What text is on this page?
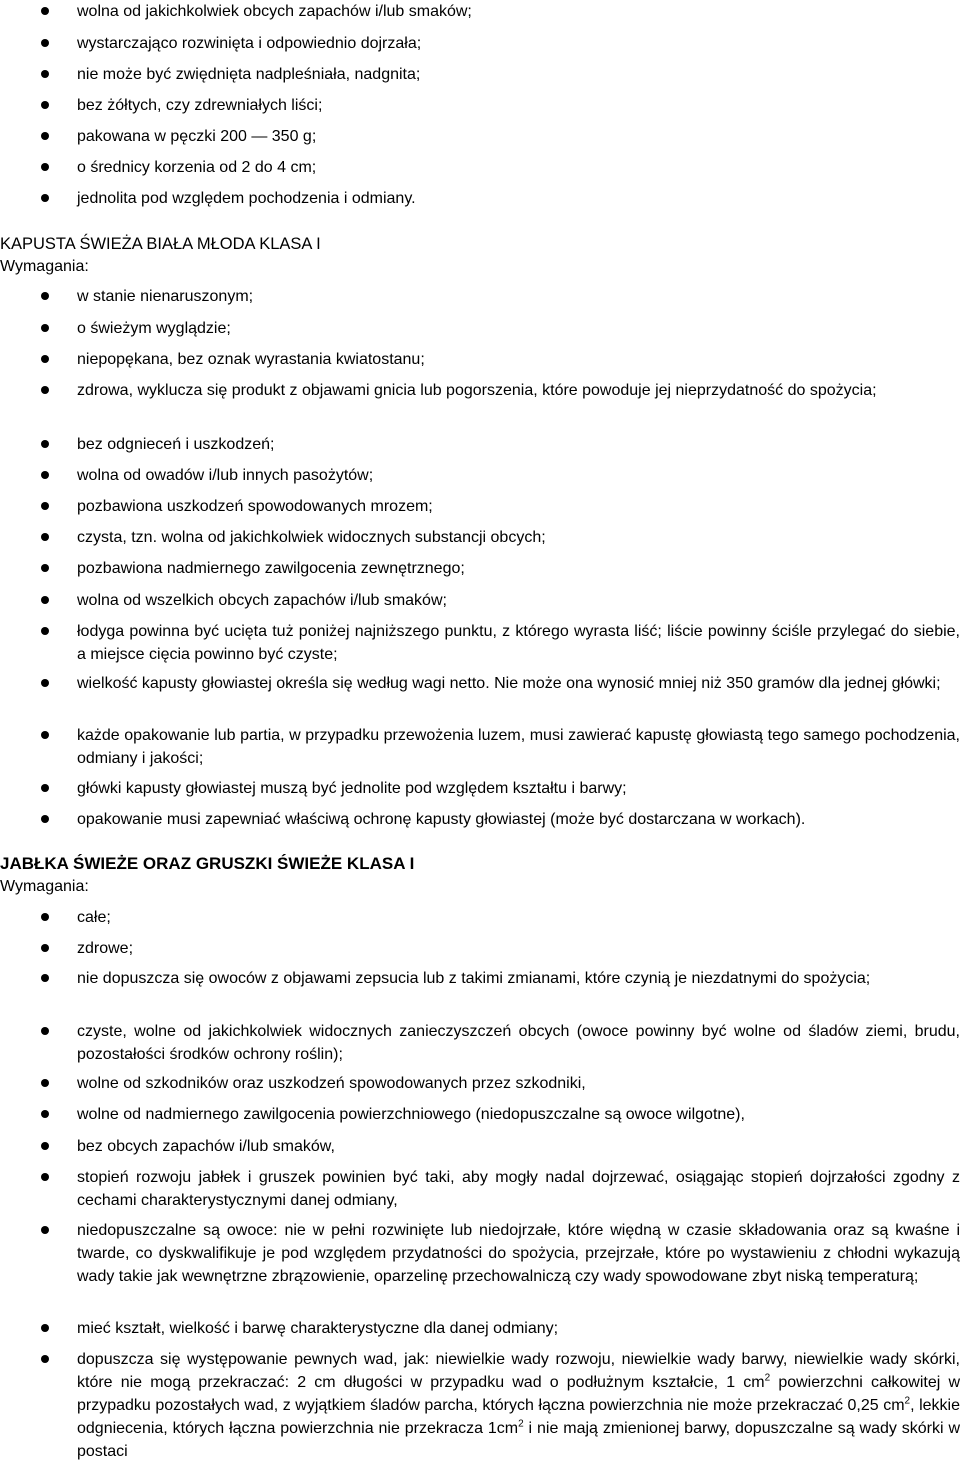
wolna od jakichkolwiek obcych zapachów i/lub smaków;
wystarczająco rozwinięta i odpowiednio dojrzała;
nie może być zwiędnięta nadpleśniała, nadgnita;
bez żółtych, czy zdrewniałych liści;
pakowana w pęczki 200 — 350 g;
o średnicy korzenia od 2 do 4 cm;
jednolita pod względem pochodzenia i odmiany.
KAPUSTA ŚWIEŻA BIAŁA MŁODA KLASA I
Wymagania:
w stanie nienaruszonym;
o świeżym wyglądzie;
niepopękana, bez oznak wyrastania kwiatostanu;
zdrowa, wyklucza się produkt z objawami gnicia lub pogorszenia, które powoduje jej nieprzydatność do spożycia;
bez odgnieceń i uszkodzeń;
wolna od owadów i/lub innych pasożytów;
pozbawiona uszkodzeń spowodowanych mrozem;
czysta, tzn. wolna od jakichkolwiek widocznych substancji obcych;
pozbawiona nadmiernego zawilgocenia zewnętrznego;
wolna od wszelkich obcych zapachów i/lub smaków;
łodyga powinna być ucięta tuż poniżej najniższego punktu, z którego wyrasta liść; liście powinny ściśle przylegać do siebie, a miejsce cięcia powinno być czyste;
wielkość kapusty głowiastej określa się według wagi netto. Nie może ona wynosić mniej niż 350 gramów dla jednej główki;
każde opakowanie lub partia, w przypadku przewożenia luzem, musi zawierać kapustę głowiastą tego samego pochodzenia, odmiany i jakości;
główki kapusty głowiastej muszą być jednolite pod względem kształtu i barwy;
opakowanie musi zapewniać właściwą ochronę kapusty głowiastej (może być dostarczana w workach).
JABŁKA ŚWIEŻE ORAZ GRUSZKI ŚWIEŻE KLASA I
Wymagania:
całe;
zdrowe;
nie dopuszcza się owoców z objawami zepsucia lub z takimi zmianami, które czynią je niezdatnymi do spożycia;
czyste, wolne od jakichkolwiek widocznych zanieczyszczeń obcych (owoce powinny być wolne od śladów ziemi, brudu, pozostałości środków ochrony roślin);
wolne od szkodników oraz uszkodzeń spowodowanych przez szkodniki,
wolne od nadmiernego zawilgocenia powierzchniowego (niedopuszczalne są owoce wilgotne),
bez obcych zapachów i/lub smaków,
stopień rozwoju jabłek i gruszek powinien być taki, aby mogły nadal dojrzewać, osiągając stopień dojrzałości zgodny z cechami charakterystycznymi danej odmiany,
niedopuszczalne są owoce: nie w pełni rozwinięte lub niedojrzałe, które więdną w czasie składowania oraz są kwaśne i twarde, co dyskwalifikuje je pod względem przydatności do spożycia, przejrzałe, które po wystawieniu z chłodni wykazują wady takie jak wewnętrzne zbrązowienie, oparzelinę przechowalniczą czy wady spowodowane zbyt niską temperaturą;
mieć kształt, wielkość i barwę charakterystyczne dla danej odmiany;
dopuszcza się występowanie pewnych wad, jak: niewielkie wady rozwoju, niewielkie wady barwy, niewielkie wady skórki, które nie mogą przekraczać: 2 cm długości w przypadku wad o podłużnym kształcie, 1 $cm^2$ powierzchni całkowitej w przypadku pozostałych wad, z wyjątkiem śladów parcha, których łączna powierzchnia nie może przekraczać 0,25 $cm^2$, lekkie odgniecenia, których łączna powierzchnia nie przekracza $1cm^2$ i nie mają zmienionej barwy, dopuszczalne są wady skórki w postaci
